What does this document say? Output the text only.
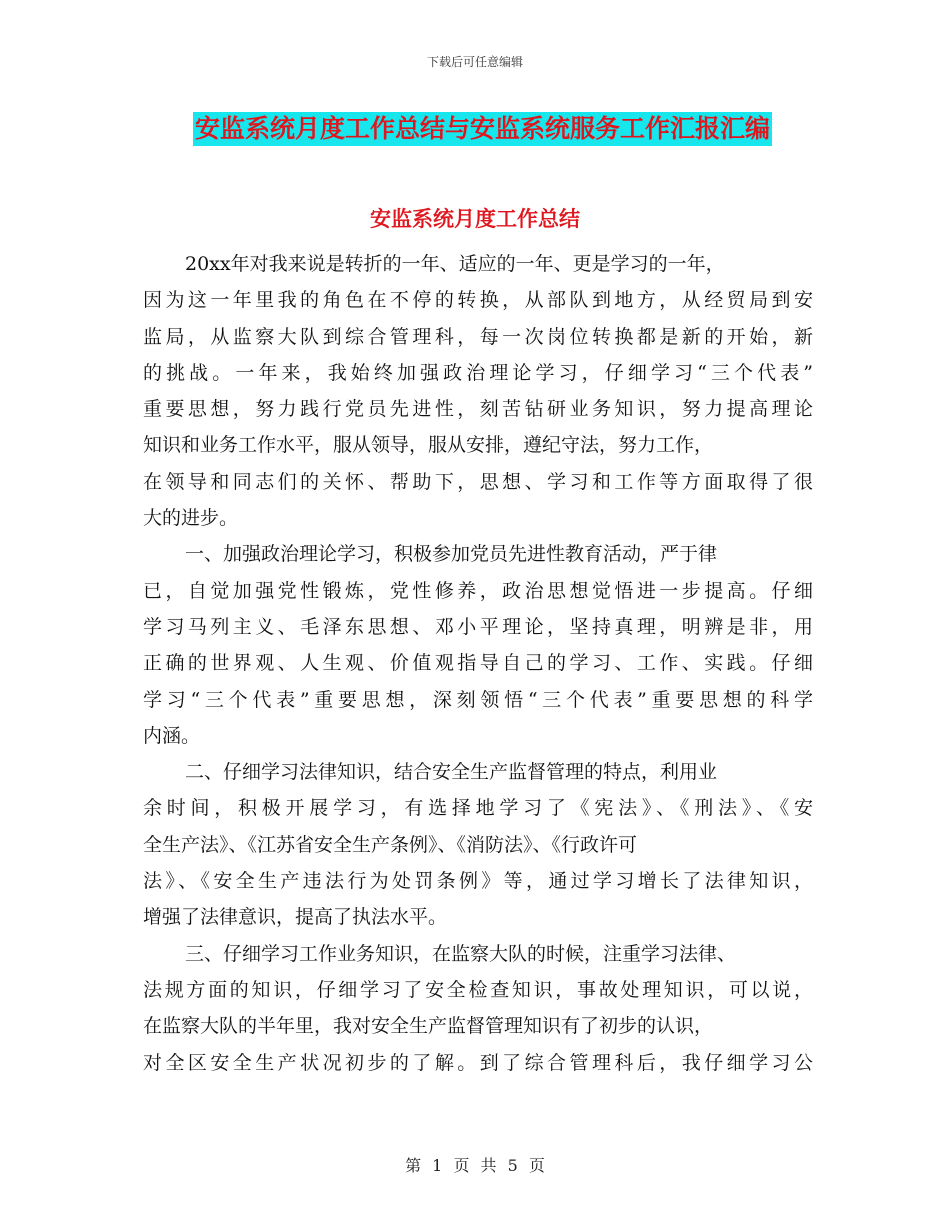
下载后可任意编辑
安监系统月度工作总结与安监系统服务工作汇报汇编
安监系统月度工作总结
20xx年对我来说是转折的一年、适应的一年、更是学习的一年，
因为这一年里我的角色在不停的转换，从部队到地方，从经贸局到安
监局，从监察大队到综合管理科，每一次岗位转换都是新的开始，新
的挑战。一年来，我始终加强政治理论学习，仔细学习“三个代表”
重要思想，努力践行党员先进性，刻苦钻研业务知识，努力提高理论
知识和业务工作水平，服从领导，服从安排，遵纪守法，努力工作，
在领导和同志们的关怀、帮助下，思想、学习和工作等方面取得了很
大的进步。
一、加强政治理论学习，积极参加党员先进性教育活动，严于律
已，自觉加强党性锻炼，党性修养，政治思想觉悟进一步提高。仔细
学习马列主义、毛泽东思想、邓小平理论，坚持真理，明辨是非，用
正确的世界观、人生观、价值观指导自己的学习、工作、实践。仔细
学习“三个代表”重要思想，深刻领悟“三个代表”重要思想的科学
内涵。
二、仔细学习法律知识，结合安全生产监督管理的特点，利用业
余时间，积极开展学习，有选择地学习了《宪法》、《刑法》、《安
全生产法》、《江苏省安全生产条例》、《消防法》、《行政许可
法》、《安全生产违法行为处罚条例》等，通过学习增长了法律知识，
增强了法律意识，提高了执法水平。
三、仔细学习工作业务知识，在监察大队的时候，注重学习法律、
法规方面的知识，仔细学习了安全检查知识，事故处理知识，可以说，
在监察大队的半年里，我对安全生产监督管理知识有了初步的认识，
对全区安全生产状况初步的了解。到了综合管理科后，我仔细学习公
第 1 页 共 5 页
